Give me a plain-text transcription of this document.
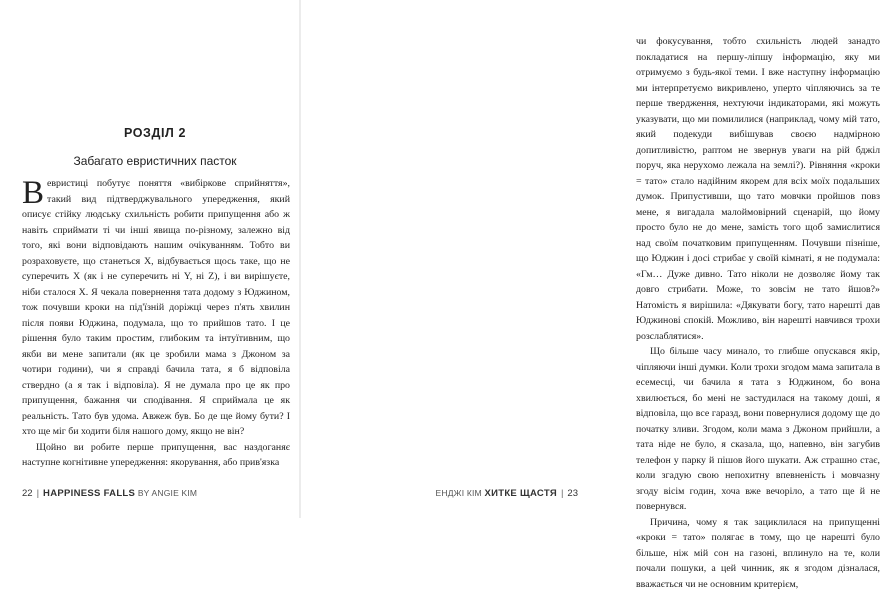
РОЗДІЛ 2

Забагато евристичних пасток

В евристиці побутує поняття «вибіркове сприйняття», такий вид підтверджувального упередження, який описує стійку людську схильність робити припущення або ж навіть сприймати ті чи інші явища по-різному, залежно від того, які вони відповідають нашим очікуванням. Тобто ви розраховуєте, що станеться X, відбувається щось таке, що не суперечить X (як і не суперечить ні Y, ні Z), і ви вирішуєте, ніби сталося X. Я чекала повернення тата додому з Юджином, тож почувши кроки на під'їзній доріжці через п'ять хвилин після появи Юджина, подумала, що то прийшов тато. І це рішення було таким простим, глибоким та інтуїтивним, що якби ви мене запитали (як це зробили мама з Джоном за чотири години), чи я справді бачила тата, я б відповіла ствердно (а я так і відповіла). Я не думала про це як про припущення, бажання чи сподівання. Я сприймала це як реальність. Тато був удома. Авжеж був. Бо де ще йому бути? І хто ще міг би ходити біля нашого дому, якщо не він?

Щойно ви робите перше припущення, вас наздоганяє наступне когнітивне упередження: якорування, або прив'язка

22 | HAPPINESS FALLS BY ANGIE KIM

чи фокусування, тобто схильність людей занадто покладатися на першу-ліпшу інформацію, яку ми отримуємо з будь-якої теми. І вже наступну інформацію ми інтерпретуємо викривлено, уперто чіпляючись за те перше твердження, нехтуючи індикаторами, які можуть указувати, що ми помилилися (наприклад, чому мій тато, який подекуди вибішував своєю надмірною допитливістю, раптом не звернув уваги на рій бджіл поруч, яка нерухомо лежала на землі?). Рівняння «кроки = тато» стало надійним якорем для всіх моїх подальших думок. Припустивши, що тато мовчки пройшов повз мене, я вигадала малоймовірний сценарій, що йому просто було не до мене, замість того щоб замислитися над своїм початковим припущенням. Почувши пізніше, що Юджин і досі стрибає у своїй кімнаті, я не подумала: «Гм… Дуже дивно. Тато ніколи не дозволяє йому так довго стрибати. Може, то зовсім не тато йшов?» Натомість я вирішила: «Дякувати богу, тато нарешті дав Юджинові спокій. Можливо, він нарешті навчився трохи розслаблятися».

Що більше часу минало, то глибше опускався якір, чіпляючи інші думки. Коли трохи згодом мама запитала в есемесці, чи бачила я тата з Юджином, бо вона хвилюється, бо мені не застудилася на такому доші, я відповіла, що все гаразд, вони повернулися додому ще до початку зливи. Згодом, коли мама з Джоном прийшли, а тата ніде не було, я сказала, що, напевно, він загубив телефон у парку й пішов його шукати. Аж страшно стає, коли згадую свою непохитну впевненість і мовчазну згоду вісім годин, хоча вже вечоріло, а тато ще й не повернувся.

Причина, чому я так зациклилася на припущенні «кроки = тато» полягає в тому, що це нарешті було більше, ніж мій сон на газоні, вплинуло на те, коли почали пошуки, а цей чинник, як я згодом дізналася, вважається чи не основним критерієм,

ЕНДЖІ КІМ ХИТКЕ ЩАСТЯ | 23
